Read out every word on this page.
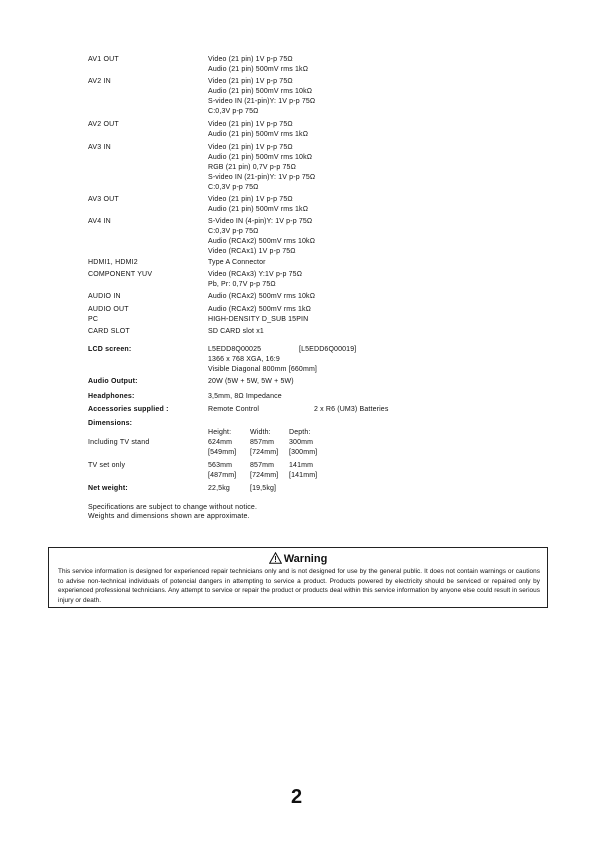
AV1 OUT	Video (21 pin) 1V p-p 75Ω
Audio (21 pin) 500mV rms 1kΩ
AV2 IN	Video (21 pin) 1V p-p 75Ω
Audio (21 pin) 500mV rms 10kΩ
S-video IN (21-pin)Y: 1V p-p 75Ω
C:0,3V p-p 75Ω
AV2 OUT	Video (21 pin) 1V p-p 75Ω
Audio (21 pin) 500mV rms 1kΩ
AV3 IN	Video (21 pin) 1V p-p 75Ω
Audio (21 pin) 500mV rms 10kΩ
RGB (21 pin) 0,7V p-p 75Ω
S-video IN (21-pin)Y: 1V p-p 75Ω
C:0,3V p-p 75Ω
AV3 OUT	Video (21 pin) 1V p-p 75Ω
Audio (21 pin) 500mV rms 1kΩ
AV4 IN	S-Video IN (4-pin)Y: 1V p-p 75Ω
C:0,3V p-p 75Ω
Audio (RCAx2) 500mV rms 10kΩ
Video (RCAx1) 1V p-p 75Ω
HDMI1, HDMI2	Type A Connector
COMPONENT YUV	Video (RCAx3) Y:1V p-p 75Ω
Pb, Pr: 0,7V p-p 75Ω
AUDIO IN	Audio (RCAx2) 500mV rms 10kΩ
AUDIO OUT	Audio (RCAx2) 500mV rms 1kΩ
PC	HIGH-DENSITY D_SUB 15PIN
CARD SLOT	SD CARD slot x1
LCD screen:	L5EDD8Q00025	[L5EDD6Q00019]
1366 x 768 XGA, 16:9
Visible Diagonal 800mm [660mm]
Audio Output:	20W (5W + 5W, 5W + 5W)
Headphones:	3,5mm, 8Ω Impedance
Accessories supplied :	Remote Control	2 x R6 (UM3) Batteries
Dimensions:
Height:	Width:	Depth:
Including TV stand	624mm	857mm 300mm
[549mm] [724mm] [300mm]
TV set only	563mm	857mm 141mm
[487mm] [724mm] [141mm]
Net weight:	22,5kg	[19,5kg]
Specifications are subject to change without notice.
Weights and dimensions shown are approximate.
Warning
This service information is designed for experienced repair technicians only and is not designed for use by the general public. It does not contain warnings or cautions to advise non-technical individuals of potencial dangers in attempting to service a product. Products powered by electricity should be serviced or repaired only by experienced professional technicians. Any attempt to service or repair the product or products deal within this service information by anyone else could result in serious injury or death.
2
